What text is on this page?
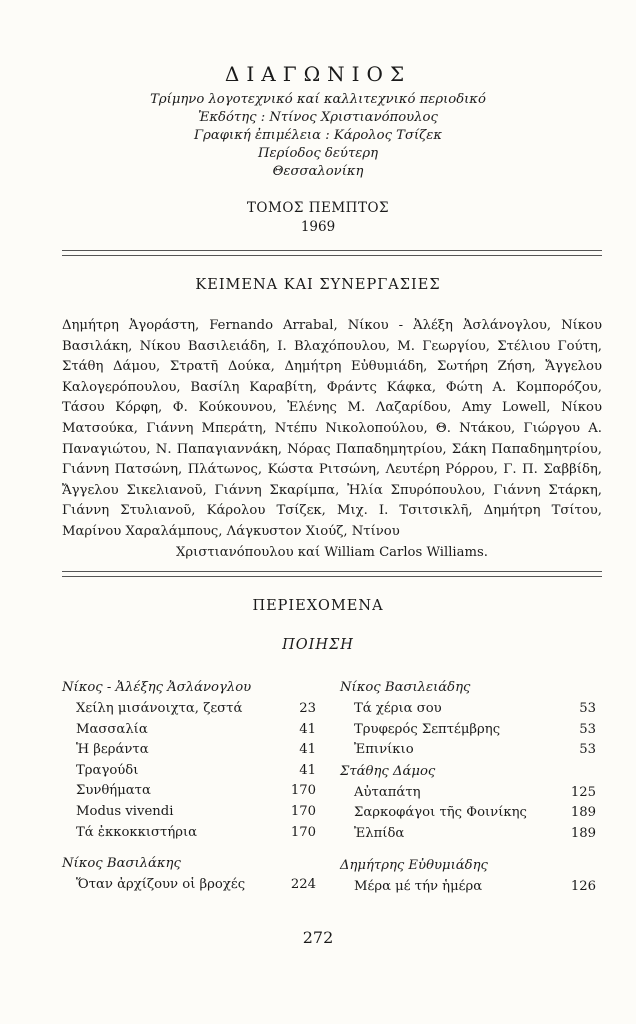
ΔΙΑΓΩΝΙΟΣ
Τρίμηνο λογοτεχνικό καί καλλιτεχνικό περιοδικό
Ἐκδότης : Ντίνος Χριστιανόπουλος
Γραφική ἐπιμέλεια : Κάρολος Τσίζεκ
Περίοδος δεύτερη
Θεσσαλονίκη
ΤΟΜΟΣ ΠΕΜΠΤΟΣ
1969
ΚΕΙΜΕΝΑ ΚΑΙ ΣΥΝΕΡΓΑΣΙΕΣ
Δημήτρη Ἀγοράστη, Fernando Arrabal, Νίκου - Ἀλέξη Ἀσλάνογλου, Νίκου Βασιλάκη, Νίκου Βασιλειάδη, Ι. Βλαχόπουλου, Μ. Γεωργίου, Στέλιου Γούτη, Στάθη Δάμου, Στρατῆ Δούκα, Δημήτρη Εὐθυμιάδη, Σωτήρη Ζήση, Ἄγγελου Καλογερόπουλου, Βασίλη Καραβίτη, Φράντς Κάφκα, Φώτη Α. Κομπορόζου, Τάσου Κόρφη, Φ. Κούκουνου, Ἑλένης Μ. Λαζαρίδου, Amy Lowell, Νίκου Ματσούκα, Γιάννη Μπεράτη, Ντέπυ Νικολοπούλου, Θ. Ντάκου, Γιώργου Α. Παναγιώτου, Ν. Παπαγιαννάκη, Νόρας Παπαδημητρίου, Σάκη Παπαδημητρίου, Γιάννη Πατσώνη, Πλάτωνος, Κώστα Ριτσώνη, Λευτέρη Ρόρρου, Γ. Π. Σαββίδη, Ἄγγελου Σικελιανοῦ, Γιάννη Σκαρίμπα, Ἠλία Σπυρόπουλου, Γιάννη Στάρκη, Γιάννη Στυλιανοῦ, Κάρολου Τσίζεκ, Μιχ. Ι. Τσιτσικλῆ, Δημήτρη Τσίτου, Μαρίνου Χαραλάμπους, Λάγκυστον Χιούζ, Ντίνου
Χριστιανόπουλου καί William Carlos Williams.
ΠΕΡΙΕΧΟΜΕΝΑ
ΠΟΙΗΣΗ
Νίκος - Ἀλέξης Ἀσλάνογλου
Χείλη μισάνοιχτα, ζεστά	23
Μασσαλία	41
Ἡ βεράντα	41
Τραγούδι	41
Συνθήματα	170
Modus vivendi	170
Τά ἐκκοκκιστήρια	170
Νίκος Βασιλάκης
Ὅταν ἀρχίζουν οἱ βροχές	224
Νίκος Βασιλειάδης
Τά χέρια σου	53
Τρυφερός Σεπτέμβρης	53
Ἐπινίκιο	53
Στάθης Δάμος
Αὐταπάτη	125
Σαρκοφάγοι τῆς Φοινίκης	189
Ἐλπίδα	189
Δημήτρης Εὐθυμιάδης
Μέρα μέ τήν ἡμέρα	126
272
